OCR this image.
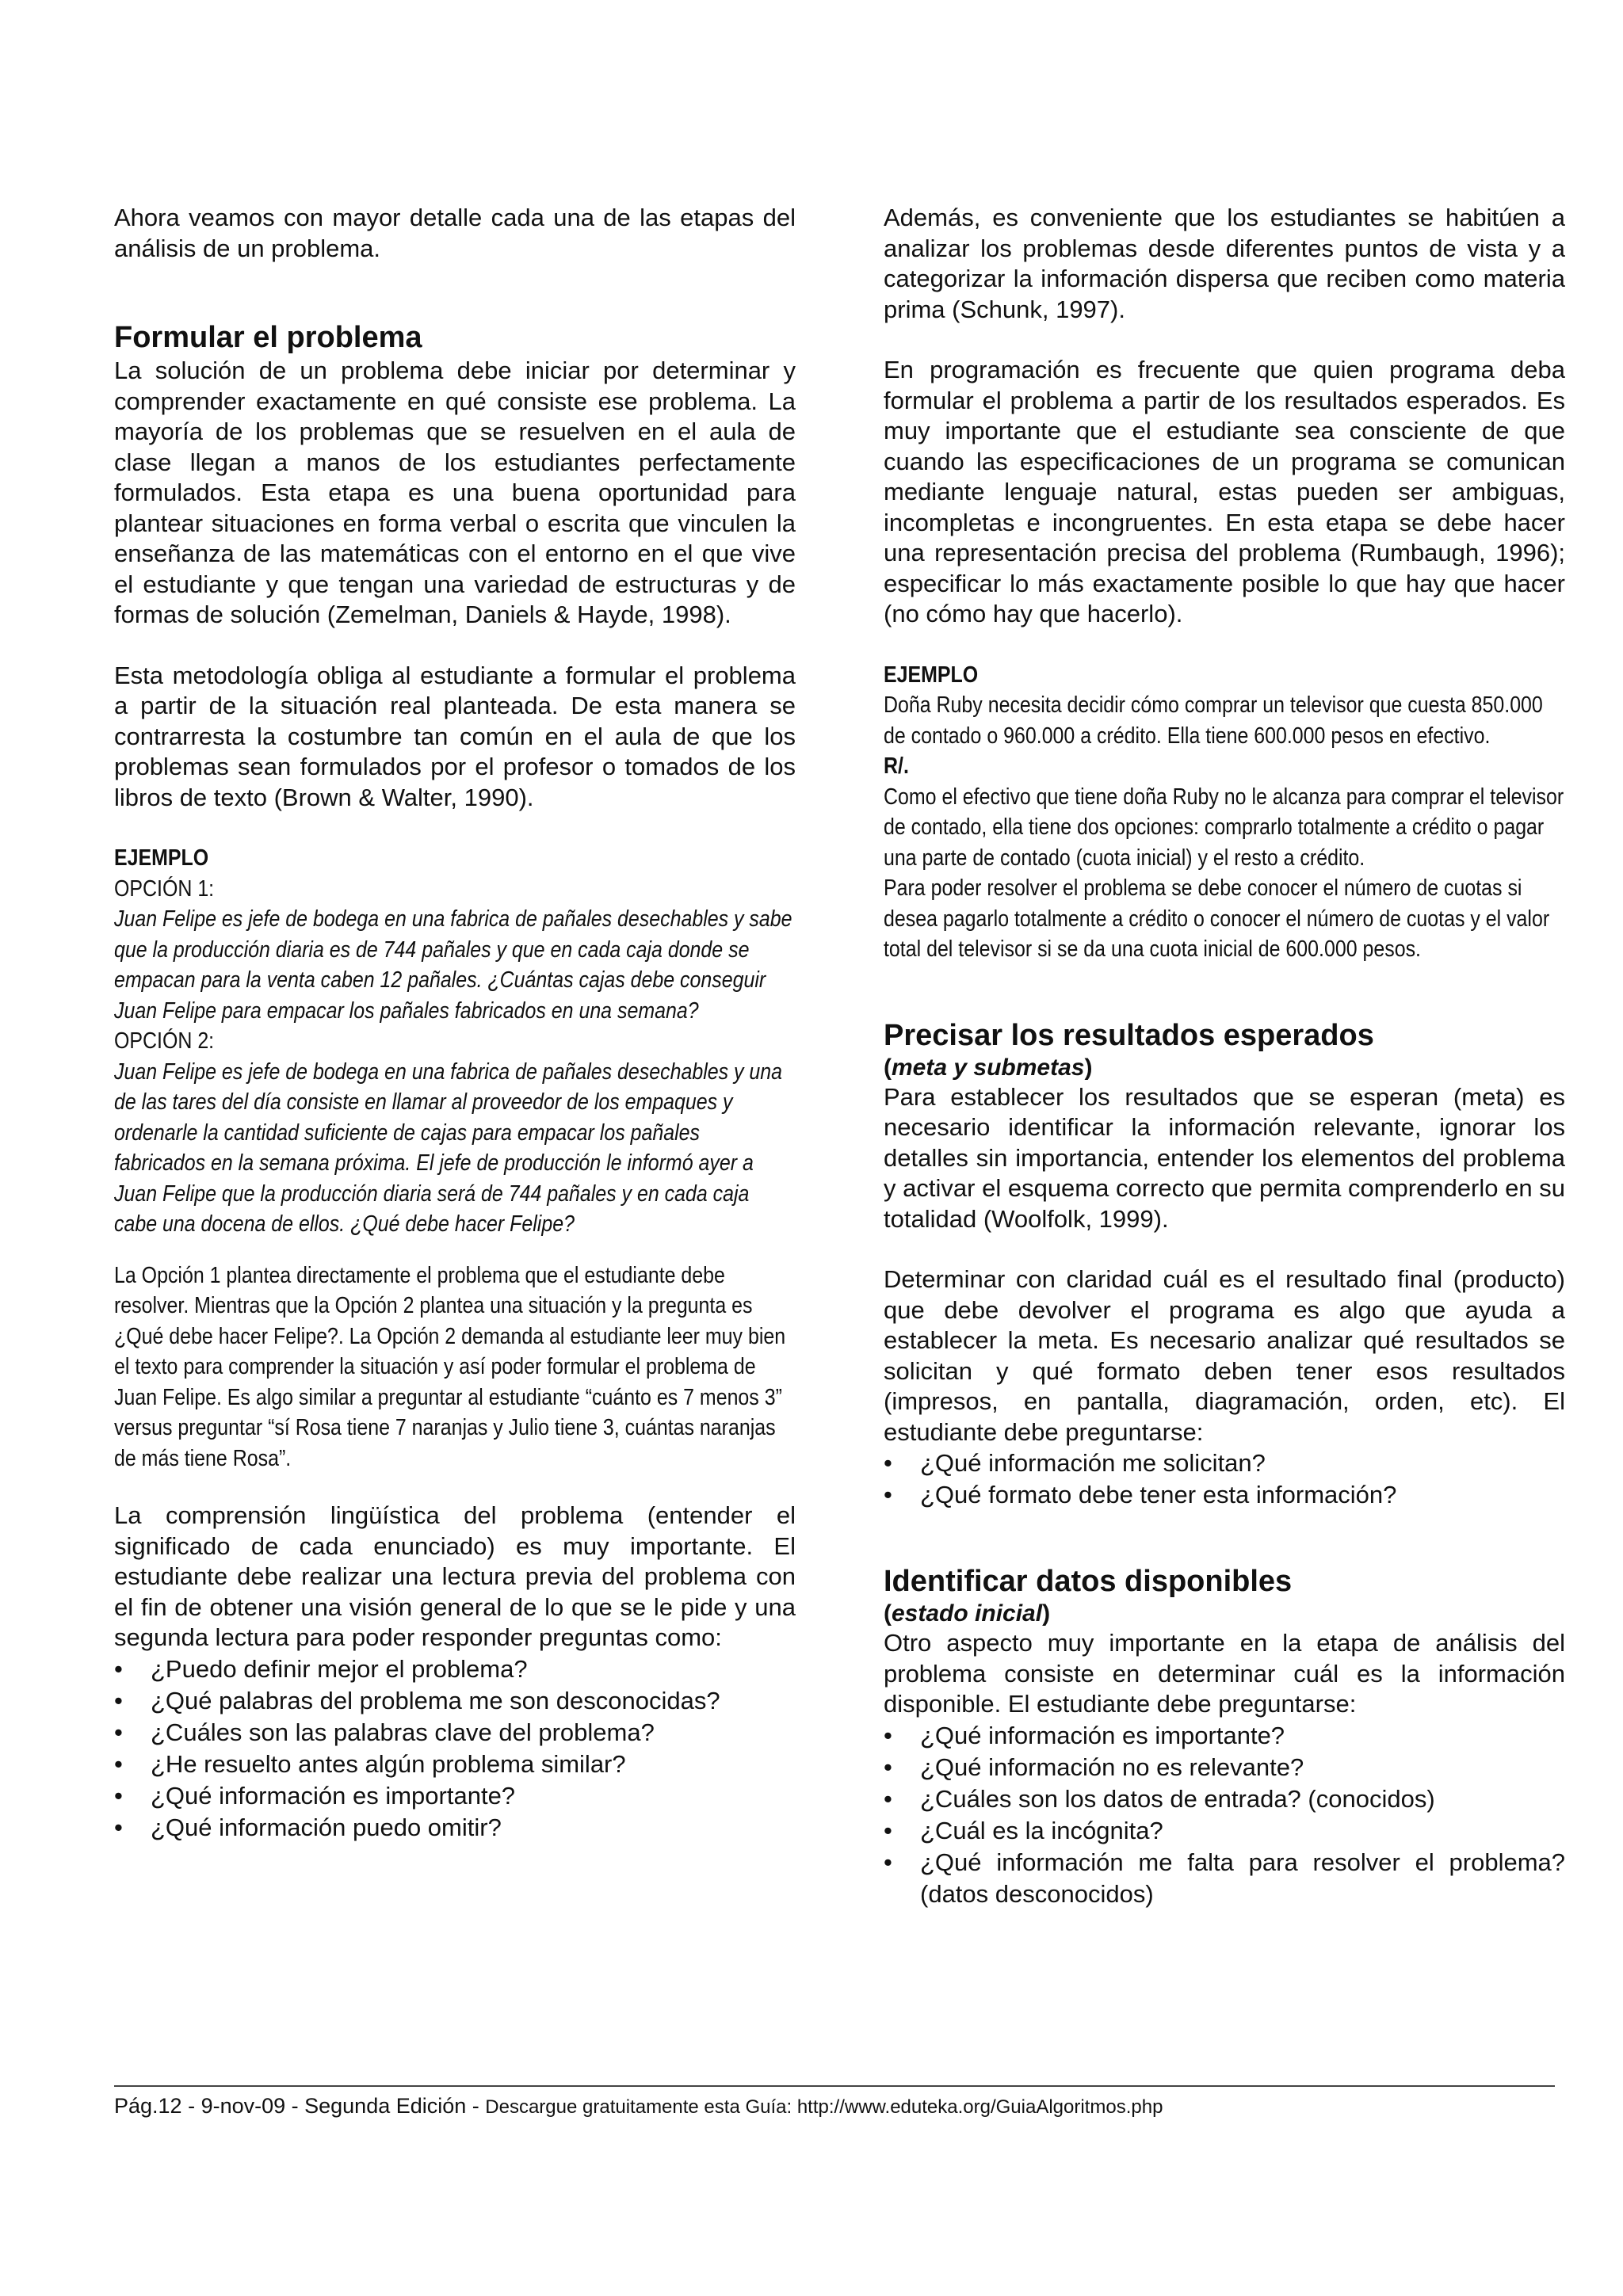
Ahora veamos con mayor detalle cada una de las etapas del análisis de un problema.

Formular el problema

La solución de un problema debe iniciar por determinar y comprender exactamente en qué consiste ese problema. La mayoría de los problemas que se resuelven en el aula de clase llegan a manos de los estudiantes perfectamente formulados. Esta etapa es una buena oportunidad para plantear situaciones en forma verbal o escrita que vinculen la enseñanza de las matemáticas con el entorno en el que vive el estudiante y que tengan una variedad de estructuras y de formas de solución (Zemelman, Daniels & Hayde, 1998).

Esta metodología obliga al estudiante a formular el problema a partir de la situación real planteada. De esta manera se contrarresta la costumbre tan común en el aula de que los problemas sean formulados por el profesor o tomados de los libros de texto (Brown & Walter, 1990).

EJEMPLO

OPCIÓN 1:

Juan Felipe es jefe de bodega en una fabrica de pañales desechables y sabe que la producción diaria es de 744 pañales y que en cada caja donde se empacan para la venta caben 12 pañales. ¿Cuántas cajas debe conseguir Juan Felipe para empacar los pañales fabricados en una semana?

OPCIÓN 2:

Juan Felipe es jefe de bodega en una fabrica de pañales desechables y una de las tares del día consiste en llamar al proveedor de los empaques y ordenarle la cantidad suficiente de cajas para empacar los pañales fabricados en la semana próxima. El jefe de producción le informó ayer a Juan Felipe que la producción diaria será de 744 pañales y en cada caja cabe una docena de ellos. ¿Qué debe hacer Felipe?

La Opción 1 plantea directamente el problema que el estudiante debe resolver. Mientras que la Opción 2 plantea una situación y la pregunta es ¿Qué debe hacer Felipe?. La Opción 2 demanda al estudiante leer muy bien el texto para comprender la situación y así poder formular el problema de Juan Felipe. Es algo similar a preguntar al estudiante “cuánto es 7 menos 3” versus preguntar “sí Rosa tiene 7 naranjas y Julio tiene 3, cuántas naranjas de más tiene Rosa”.

La comprensión lingüística del problema (entender el significado de cada enunciado) es muy importante. El estudiante debe realizar una lectura previa del problema con el fin de obtener una visión general de lo que se le pide y una segunda lectura para poder responder preguntas como:

• ¿Puedo definir mejor el problema?
• ¿Qué palabras del problema me son desconocidas?
• ¿Cuáles son las palabras clave del problema?
• ¿He resuelto antes algún problema similar?
• ¿Qué información es importante?
• ¿Qué información puedo omitir?

Además, es conveniente que los estudiantes se habitúen a analizar los problemas desde diferentes puntos de vista y a categorizar la información dispersa que reciben como materia prima (Schunk, 1997).

En programación es frecuente que quien programa deba formular el problema a partir de los resultados esperados. Es muy importante que el estudiante sea consciente de que cuando las especificaciones de un programa se comunican mediante lenguaje natural, estas pueden ser ambiguas, incompletas e incongruentes. En esta etapa se debe hacer una representación precisa del problema (Rumbaugh, 1996); especificar lo más exactamente posible lo que hay que hacer (no cómo hay que hacerlo).

EJEMPLO

Doña Ruby necesita decidir cómo comprar un televisor que cuesta 850.000 de contado o 960.000 a crédito. Ella tiene 600.000 pesos en efectivo.

R/.

Como el efectivo que tiene doña Ruby no le alcanza para comprar el televisor de contado, ella tiene dos opciones: comprarlo totalmente a crédito o pagar una parte de contado (cuota inicial) y el resto a crédito.

Para poder resolver el problema se debe conocer el número de cuotas si desea pagarlo totalmente a crédito o conocer el número de cuotas y el valor total del televisor si se da una cuota inicial de 600.000 pesos.

Precisar los resultados esperados

(meta y submetas)

Para establecer los resultados que se esperan (meta) es necesario identificar la información relevante, ignorar los detalles sin importancia, entender los elementos del problema y activar el esquema correcto que permita comprenderlo en su totalidad (Woolfolk, 1999).

Determinar con claridad cuál es el resultado final (producto) que debe devolver el programa es algo que ayuda a establecer la meta. Es necesario analizar qué resultados se solicitan y qué formato deben tener esos resultados (impresos, en pantalla, diagramación, orden, etc). El estudiante debe preguntarse:

• ¿Qué información me solicitan?
• ¿Qué formato debe tener esta información?
Identificar datos disponibles

(estado inicial)

Otro aspecto muy importante en la etapa de análisis del problema consiste en determinar cuál es la información disponible. El estudiante debe preguntarse:

• ¿Qué información es importante?
• ¿Qué información no es relevante?
• ¿Cuáles son los datos de entrada? (conocidos)
• ¿Cuál es la incógnita?
• ¿Qué información me falta para resolver el problema? (datos desconocidos)
Pág.12 - 9-nov-09 - Segunda Edición - Descargue gratuitamente esta Guía: http://www.eduteka.org/GuiaAlgoritmos.php
